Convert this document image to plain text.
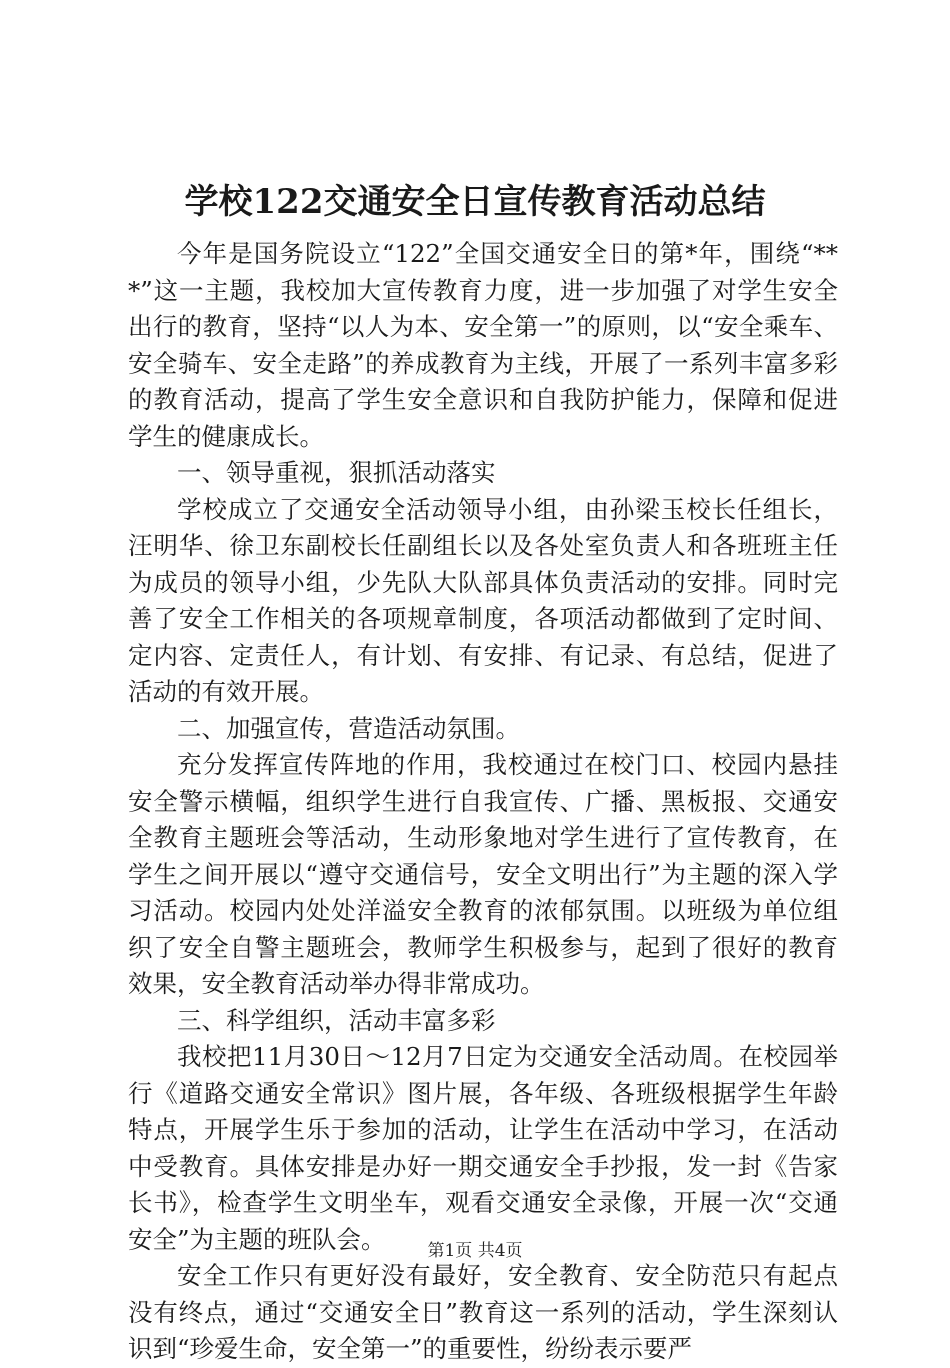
学校122交通安全日宣传教育活动总结

今年是国务院设立“122”全国交通安全日的第*年，围绕“***”这一主题，我校加大宣传教育力度，进一步加强了对学生安全出行的教育，坚持“以人为本、安全第一”的原则，以“安全乘车、安全骑车、安全走路”的养成教育为主线，开展了一系列丰富多彩的教育活动，提高了学生安全意识和自我防护能力，保障和促进学生的健康成长。

一、领导重视，狠抓活动落实

学校成立了交通安全活动领导小组，由孙梁玉校长任组长，汪明华、徐卫东副校长任副组长以及各处室负责人和各班班主任为成员的领导小组，少先队大队部具体负责活动的安排。同时完善了安全工作相关的各项规章制度，各项活动都做到了定时间、定内容、定责任人，有计划、有安排、有记录、有总结，促进了活动的有效开展。

二、加强宣传，营造活动氛围。

充分发挥宣传阵地的作用，我校通过在校门口、校园内悬挂安全警示横幅，组织学生进行自我宣传、广播、黑板报、交通安全教育主题班会等活动，生动形象地对学生进行了宣传教育，在学生之间开展以“遵守交通信号，安全文明出行”为主题的深入学习活动。校园内处处洋溢安全教育的浓郁氛围。以班级为单位组织了安全自警主题班会，教师学生积极参与，起到了很好的教育效果，安全教育活动举办得非常成功。

三、科学组织，活动丰富多彩

我校把11月30日～12月7日定为交通安全活动周。在校园举行《道路交通安全常识》图片展，各年级、各班级根据学生年龄特点，开展学生乐于参加的活动，让学生在活动中学习，在活动中受教育。具体安排是办好一期交通安全手抄报，发一封《告家长书》，检查学生文明坐车，观看交通安全录像，开展一次“交通安全”为主题的班队会。

安全工作只有更好没有最好，安全教育、安全防范只有起点没有终点，通过“交通安全日”教育这一系列的活动，学生深刻认识到“珍爱生命，安全第一”的重要性，纷纷表示要严

第1页 共4页
